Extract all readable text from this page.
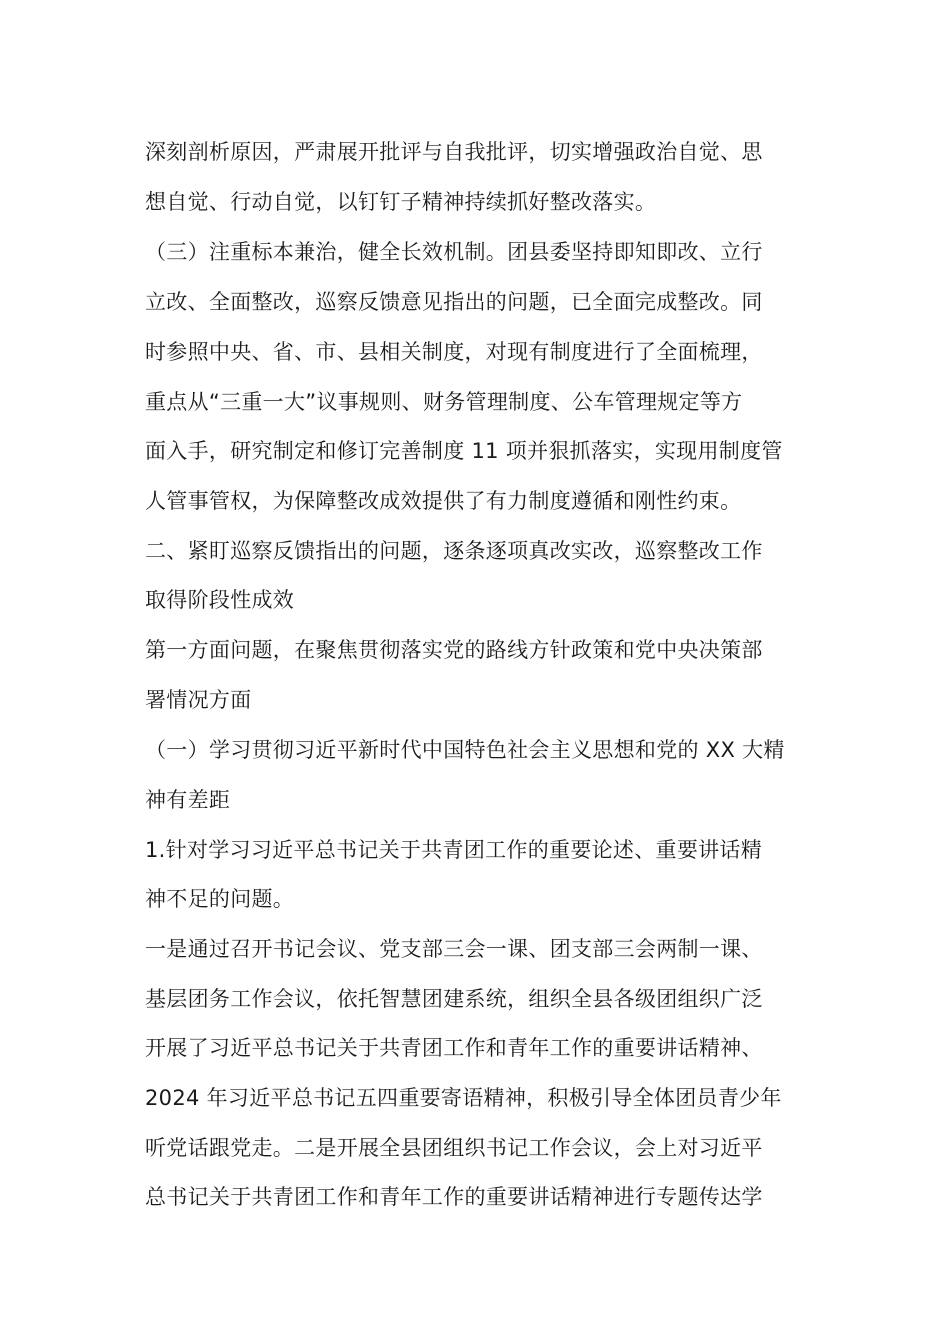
深刻剖析原因，严肃展开批评与自我批评，切实增强政治自觉、思
想自觉、行动自觉，以钉钉子精神持续抓好整改落实。
（三）注重标本兼治，健全长效机制。团县委坚持即知即改、立行
立改、全面整改，巡察反馈意见指出的问题，已全面完成整改。同
时参照中央、省、市、县相关制度，对现有制度进行了全面梳理，
重点从“三重一大”议事规则、财务管理制度、公车管理规定等方
面入手，研究制定和修订完善制度 11 项并狠抓落实，实现用制度管
人管事管权，为保障整改成效提供了有力制度遵循和刚性约束。
二、紧盯巡察反馈指出的问题，逐条逐项真改实改，巡察整改工作
取得阶段性成效
第一方面问题，在聚焦贯彻落实党的路线方针政策和党中央决策部
署情况方面
（一）学习贯彻习近平新时代中国特色社会主义思想和党的 XX 大精
神有差距
1.针对学习习近平总书记关于共青团工作的重要论述、重要讲话精
神不足的问题。
一是通过召开书记会议、党支部三会一课、团支部三会两制一课、
基层团务工作会议，依托智慧团建系统，组织全县各级团组织广泛
开展了习近平总书记关于共青团工作和青年工作的重要讲话精神、
2024 年习近平总书记五四重要寄语精神，积极引导全体团员青少年
听党话跟党走。二是开展全县团组织书记工作会议，会上对习近平
总书记关于共青团工作和青年工作的重要讲话精神进行专题传达学
